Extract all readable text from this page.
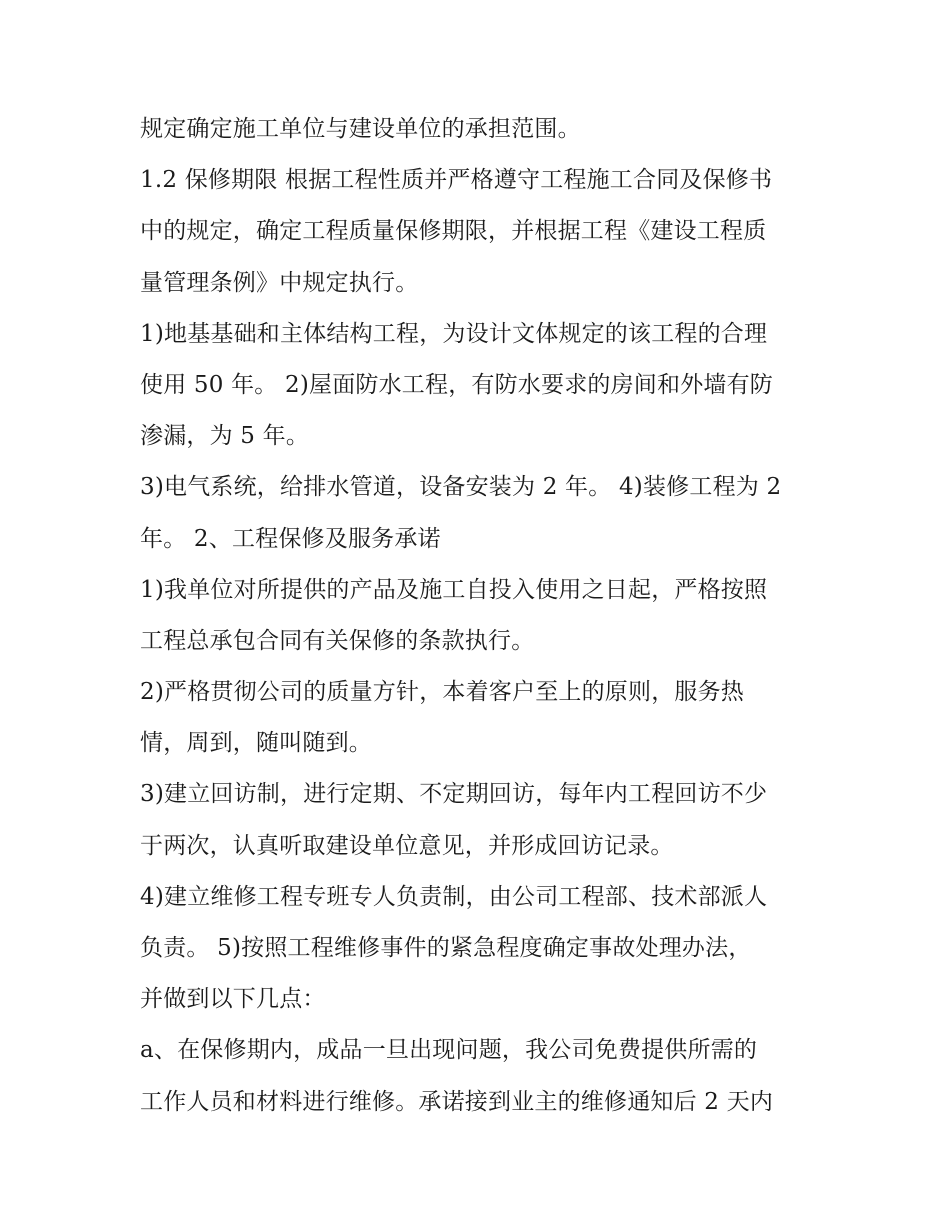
规定确定施工单位与建设单位的承担范围。
1.2 保修期限 根据工程性质并严格遵守工程施工合同及保修书
中的规定，确定工程质量保修期限，并根据工程《建设工程质
量管理条例》中规定执行。
1)地基基础和主体结构工程，为设计文体规定的该工程的合理
使用 50 年。 2)屋面防水工程，有防水要求的房间和外墙有防
渗漏，为 5 年。
3)电气系统，给排水管道，设备安装为 2 年。 4)装修工程为 2
年。 2、工程保修及服务承诺
1)我单位对所提供的产品及施工自投入使用之日起，严格按照
工程总承包合同有关保修的条款执行。
2)严格贯彻公司的质量方针，本着客户至上的原则，服务热
情，周到，随叫随到。
3)建立回访制，进行定期、不定期回访，每年内工程回访不少
于两次，认真听取建设单位意见，并形成回访记录。
4)建立维修工程专班专人负责制，由公司工程部、技术部派人
负责。 5)按照工程维修事件的紧急程度确定事故处理办法，
并做到以下几点：
a、在保修期内，成品一旦出现问题，我公司免费提供所需的
工作人员和材料进行维修。承诺接到业主的维修通知后 2 天内
